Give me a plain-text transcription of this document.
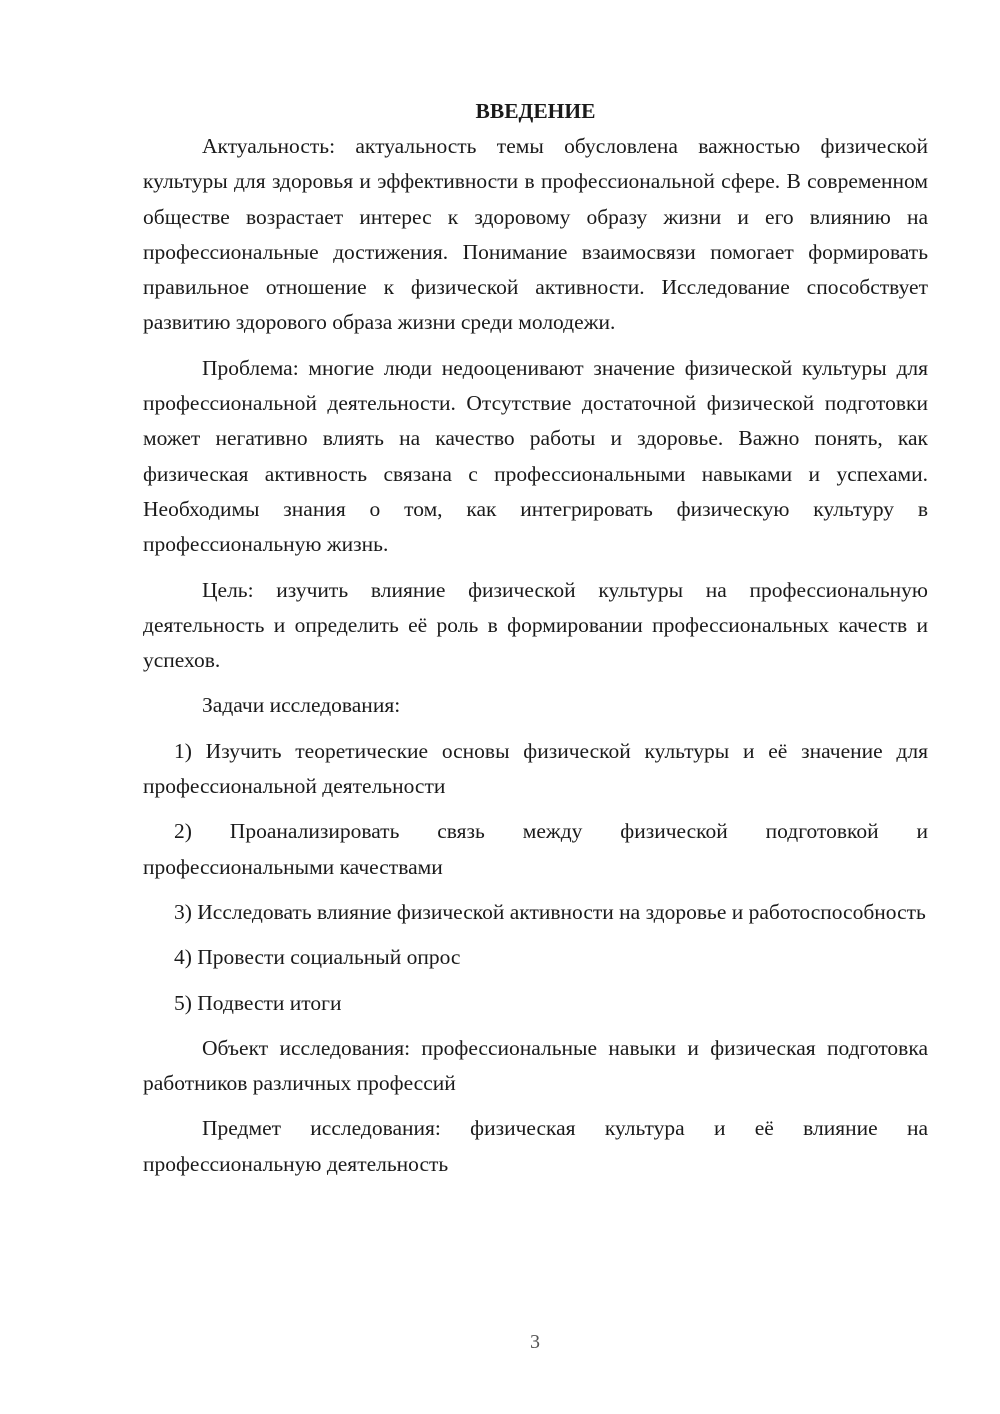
ВВЕДЕНИЕ

Актуальность: актуальность темы обусловлена важностью физической культуры для здоровья и эффективности в профессиональной сфере. В современном обществе возрастает интерес к здоровому образу жизни и его влиянию на профессиональные достижения. Понимание взаимосвязи помогает формировать правильное отношение к физической активности. Исследование способствует развитию здорового образа жизни среди молодежи.

Проблема: многие люди недооценивают значение физической культуры для профессиональной деятельности. Отсутствие достаточной физической подготовки может негативно влиять на качество работы и здоровье. Важно понять, как физическая активность связана с профессиональными навыками и успехами. Необходимы знания о том, как интегрировать физическую культуру в профессиональную жизнь.

Цель: изучить влияние физической культуры на профессиональную деятельность и определить её роль в формировании профессиональных качеств и успехов.

Задачи исследования:

1) Изучить теоретические основы физической культуры и её значение для профессиональной деятельности

2) Проанализировать связь между физической подготовкой и профессиональными качествами

3) Исследовать влияние физической активности на здоровье и работоспособность

4) Провести социальный опрос

5) Подвести итоги

Объект исследования: профессиональные навыки и физическая подготовка работников различных профессий

Предмет исследования: физическая культура и её влияние на профессиональную деятельность

3
